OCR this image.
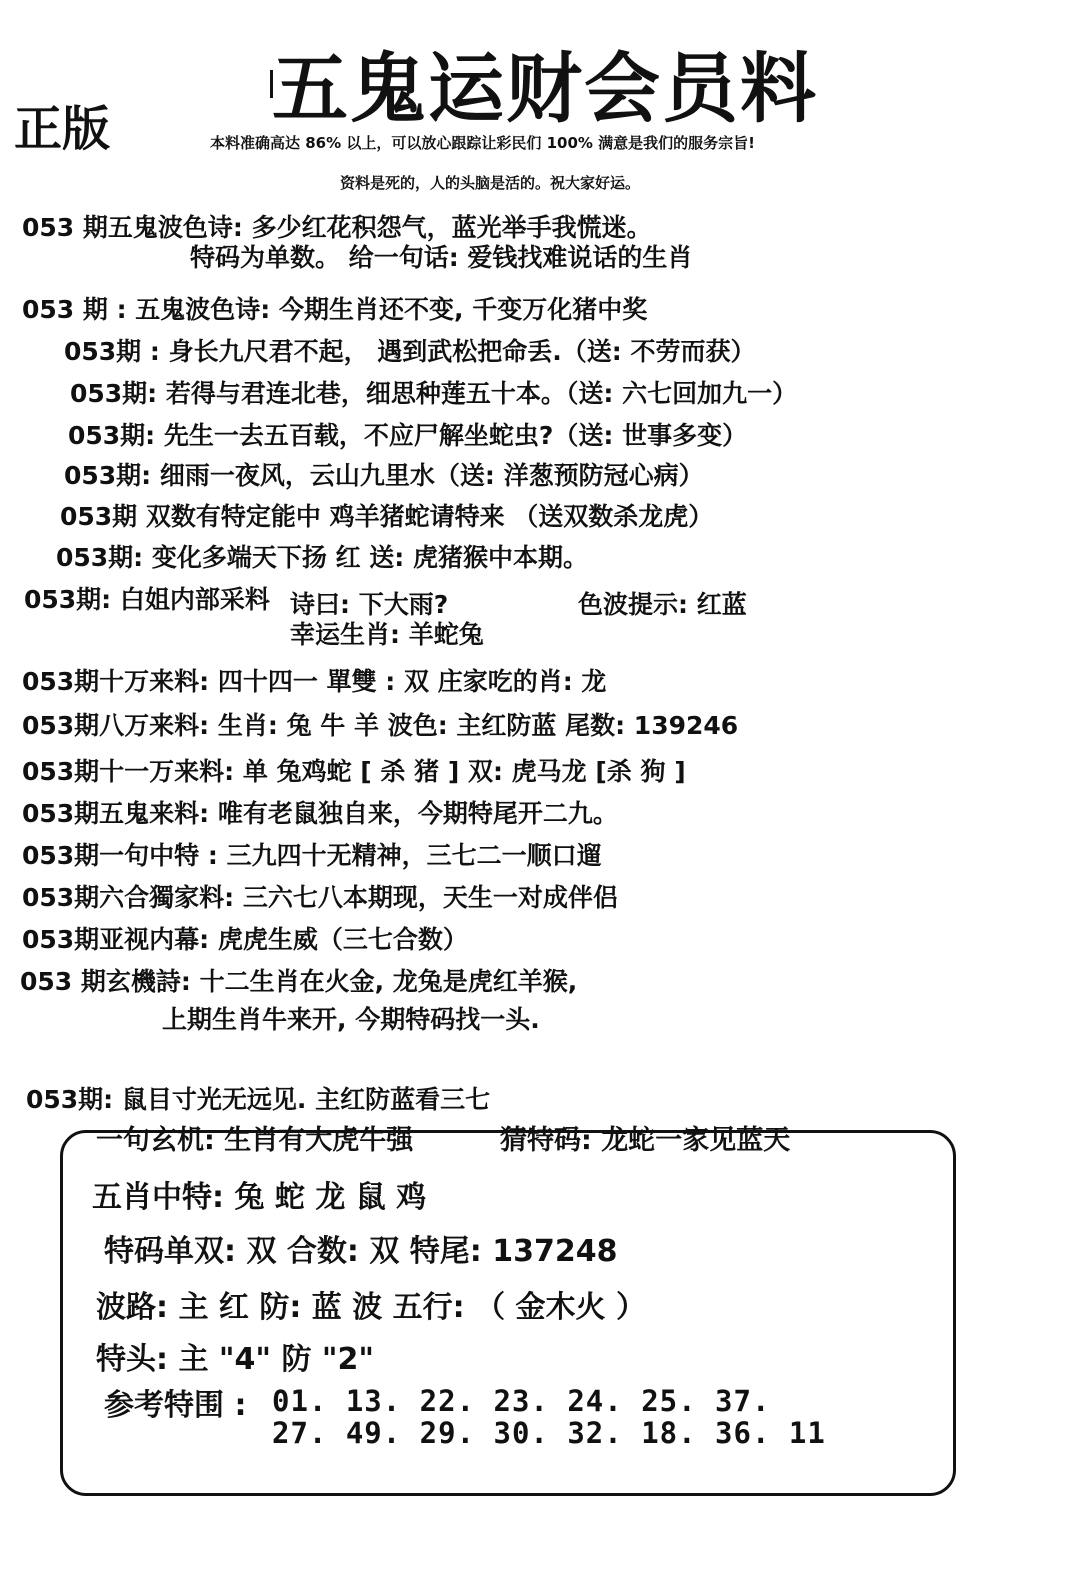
五鬼运财会员料
正版	本料准确高达 86% 以上，可以放心跟踪让彩民们 100% 满意是我们的服务宗旨!
资料是死的，人的头脑是活的。祝大家好运。
053 期五鬼波色诗: 多少红花积怨气，蓝光举手我慌迷。
特码为单数。 给一句话: 爱钱找难说话的生肖
053 期 : 五鬼波色诗: 今期生肖还不变, 千变万化猪中奖
053期 : 身长九尺君不起， 遇到武松把命丢.（送: 不劳而获）
053期: 若得与君连北巷，细思种莲五十本。（送: 六七回加九一）
053期: 先生一去五百载，不应尸解坐蛇虫?（送: 世事多变）
053期: 细雨一夜风，云山九里水（送: 洋葱预防冠心病）
053期 双数有特定能中 鸡羊猪蛇请特来 （送双数杀龙虎）
053期: 变化多端天下扬 红 送: 虎猪猴中本期。
053期: 白姐内部采料 诗曰: 下大雨?	色波提示: 红蓝
幸运生肖: 羊蛇兔
053期十万来料: 四十四一 單雙 : 双 庄家吃的肖: 龙
053期八万来料: 生肖: 兔 牛 羊 波色: 主红防蓝 尾数: 139246
053期十一万来料: 单 兔鸡蛇 [ 杀 猪 ] 双: 虎马龙 [杀 狗 ]
053期五鬼来料: 唯有老鼠独自来，今期特尾开二九。
053期一句中特 : 三九四十无精神，三七二一顺口遛
053期六合獨家料: 三六七八本期现，天生一对成伴侣
053期亚视内幕: 虎虎生威（三七合数）
053 期玄機詩: 十二生肖在火金, 龙兔是虎红羊猴,
上期生肖牛来开, 今期特码找一头.
053期: 鼠目寸光无远见. 主红防蓝看三七
一句玄机: 生肖有大虎牛强	猜特码: 龙蛇一家见蓝天
五肖中特: 兔 蛇 龙 鼠 鸡
特码单双: 双 合数: 双 特尾: 137248
波路: 主 红 防: 蓝 波 五行: （ 金木火 ）
特头: 主 "4" 防 "2"
参考特围 : 01. 13. 22. 23. 24. 25. 37.
27. 49. 29. 30. 32. 18. 36. 11
